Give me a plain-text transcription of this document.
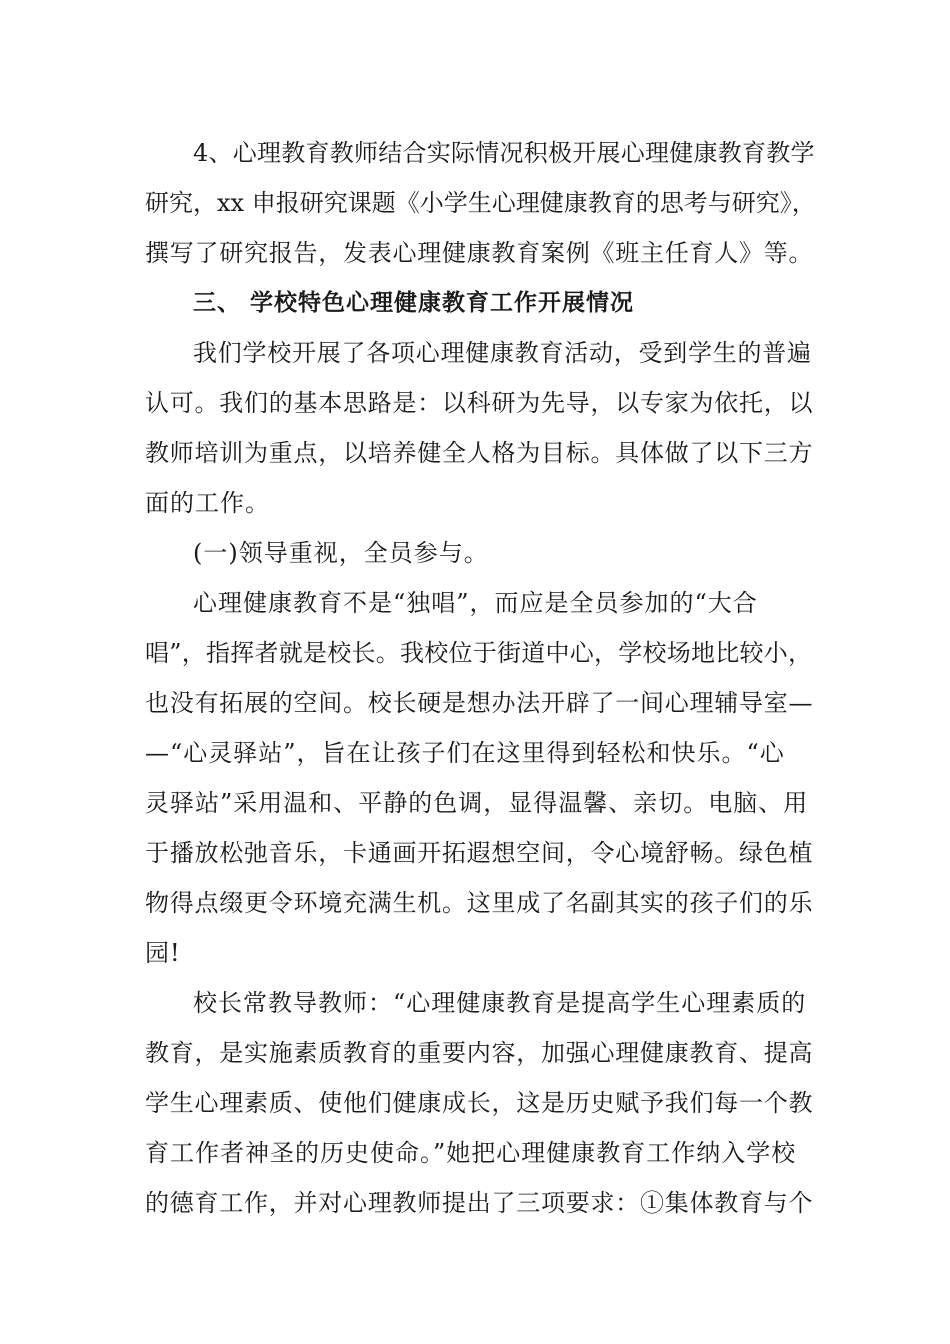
4、心理教育教师结合实际情况积极开展心理健康教育教学
研究，xx 申报研究课题《小学生心理健康教育的思考与研究》，
撰写了研究报告，发表心理健康教育案例《班主任育人》等。
三、 学校特色心理健康教育工作开展情况
我们学校开展了各项心理健康教育活动，受到学生的普遍
认可。我们的基本思路是：以科研为先导，以专家为依托，以
教师培训为重点，以培养健全人格为目标。具体做了以下三方
面的工作。
(一)领导重视，全员参与。
心理健康教育不是“独唱”，而应是全员参加的“大合
唱”，指挥者就是校长。我校位于街道中心，学校场地比较小，
也没有拓展的空间。校长硬是想办法开辟了一间心理辅导室—
—“心灵驿站”，旨在让孩子们在这里得到轻松和快乐。“心
灵驿站”采用温和、平静的色调，显得温馨、亲切。电脑、用
于播放松弛音乐，卡通画开拓遐想空间，令心境舒畅。绿色植
物得点缀更令环境充满生机。这里成了名副其实的孩子们的乐
园!
校长常教导教师：“心理健康教育是提高学生心理素质的
教育，是实施素质教育的重要内容，加强心理健康教育、提高
学生心理素质、使他们健康成长，这是历史赋予我们每一个教
育工作者神圣的历史使命。”她把心理健康教育工作纳入学校
的德育工作，并对心理教师提出了三项要求：①集体教育与个
